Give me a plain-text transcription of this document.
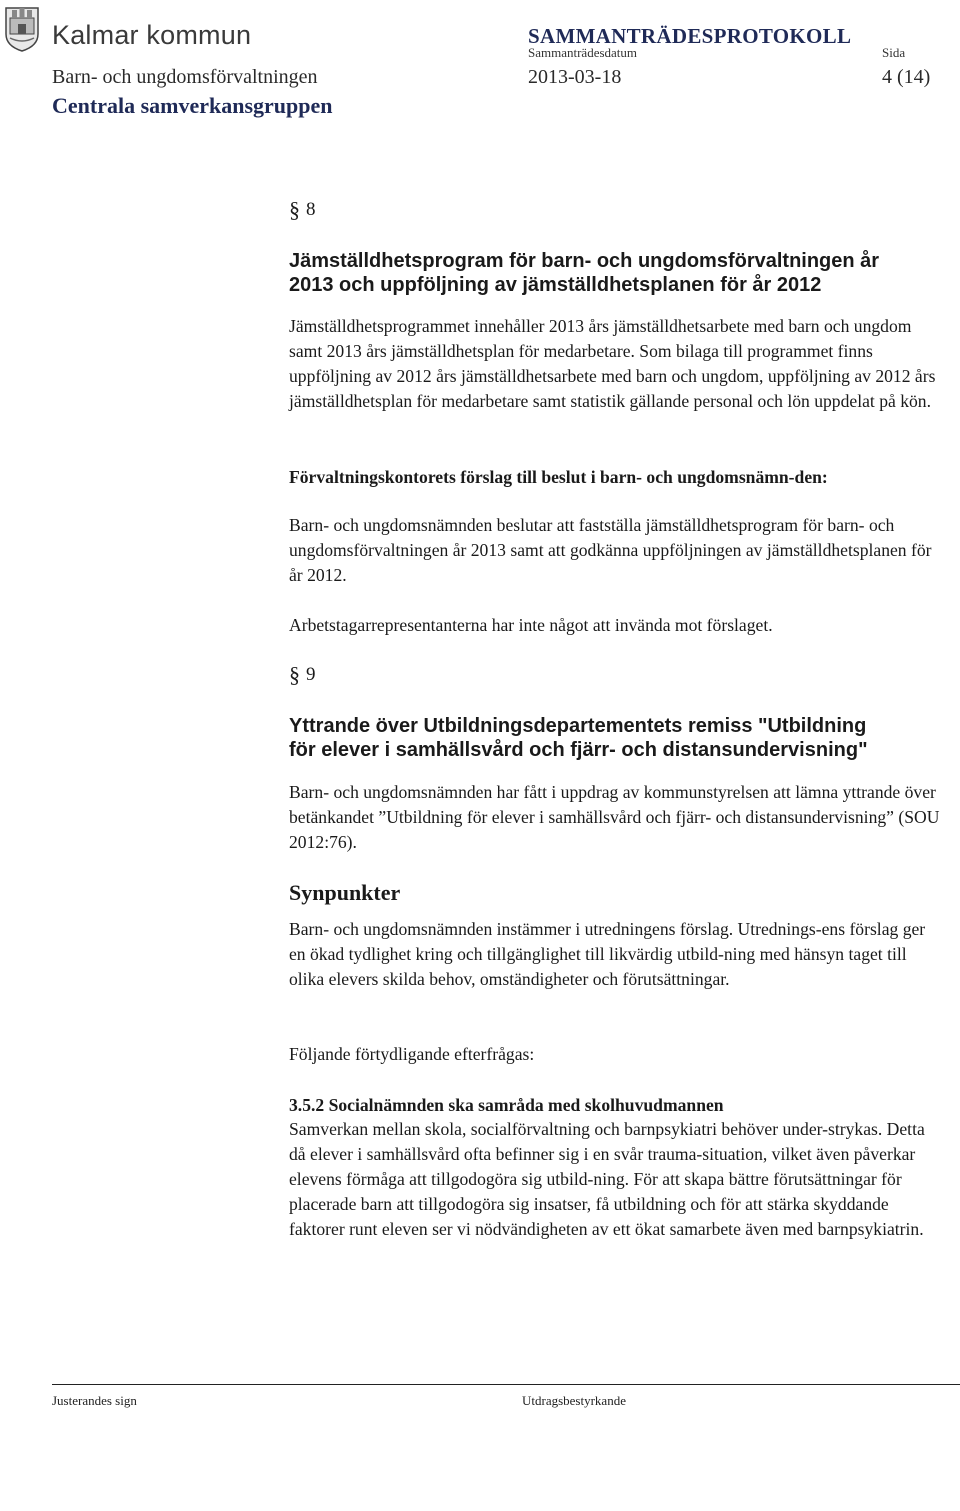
Kalmar kommun	SAMMANTRÄDESPROTOKOLL
Sammanträdesdatum	Sida
Barn- och ungdomsförvaltningen	2013-03-18	4 (14)
Centrala samverkansgruppen
§ 8
Jämställdhetsprogram för barn- och ungdomsförvaltningen år
2013 och uppföljning av jämställdhetsplanen för år 2012
Jämställdhetsprogrammet innehåller 2013 års jämställdhetsarbete med barn och ungdom samt 2013 års jämställdhetsplan för medarbetare. Som bilaga till programmet finns uppföljning av 2012 års jämställdhetsarbete med barn och ungdom, uppföljning av 2012 års jämställdhetsplan för medarbetare samt statistik gällande personal och lön uppdelat på kön.
Förvaltningskontorets förslag till beslut i barn- och ungdomsnämn-den:
Barn- och ungdomsnämnden beslutar att fastställa jämställdhetsprogram för barn- och ungdomsförvaltningen år 2013 samt att godkänna uppföljningen av jämställdhetsplanen för år 2012.
Arbetstagarrepresentanterna har inte något att invända mot förslaget.
§ 9
Yttrande över Utbildningsdepartementets remiss "Utbildning
för elever i samhällsvård och fjärr- och distansundervisning"
Barn- och ungdomsnämnden har fått i uppdrag av kommunstyrelsen att lämna yttrande över betänkandet ”Utbildning för elever i samhällsvård och fjärr- och distansundervisning” (SOU 2012:76).
Synpunkter
Barn- och ungdomsnämnden instämmer i utredningens förslag. Utrednings-ens förslag ger en ökad tydlighet kring och tillgänglighet till likvärdig utbild-ning med hänsyn taget till olika elevers skilda behov, omständigheter och förutsättningar.
Följande förtydligande efterfrågas:
3.5.2 Socialnämnden ska samråda med skolhuvudmannen
Samverkan mellan skola, socialförvaltning och barnpsykiatri behöver under-strykas. Detta då elever i samhällsvård ofta befinner sig i en svår trauma-situation, vilket även påverkar elevens förmåga att tillgodogöra sig utbild-ning. För att skapa bättre förutsättningar för placerade barn att tillgodogöra sig insatser, få utbildning och för att stärka skyddande faktorer runt eleven ser vi nödvändigheten av ett ökat samarbete även med barnpsykiatrin.
Justerandes sign	Utdragsbestyrkande
